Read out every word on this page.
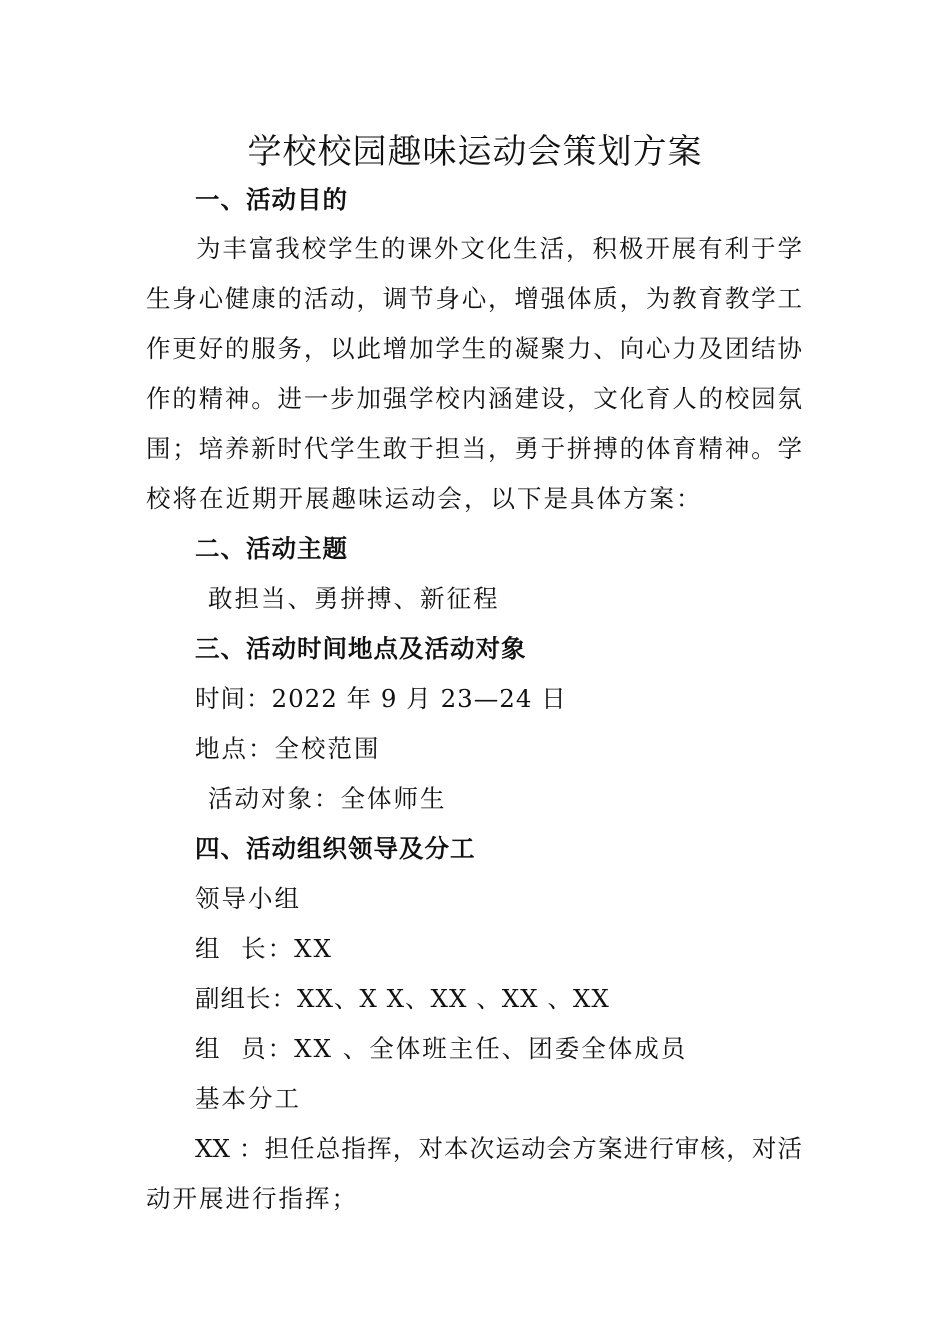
学校校园趣味运动会策划方案

一、活动目的

为丰富我校学生的课外文化生活，积极开展有利于学

生身心健康的活动，调节身心，增强体质，为教育教学工

作更好的服务，以此增加学生的凝聚力、向心力及团结协

作的精神。进一步加强学校内涵建设，文化育人的校园氛

围；培养新时代学生敢于担当，勇于拼搏的体育精神。学

校将在近期开展趣味运动会，以下是具体方案：

二、活动主题

敢担当、勇拼搏、新征程

三、活动时间地点及活动对象

时间：2022 年 9 月 23—24 日

地点：全校范围

活动对象：全体师生

四、活动组织领导及分工

领导小组

组  长：XX

副组长：XX、X X、XX 、XX 、XX

组  员：XX 、全体班主任、团委全体成员

基本分工

XX ：担任总指挥，对本次运动会方案进行审核，对活

动开展进行指挥；
